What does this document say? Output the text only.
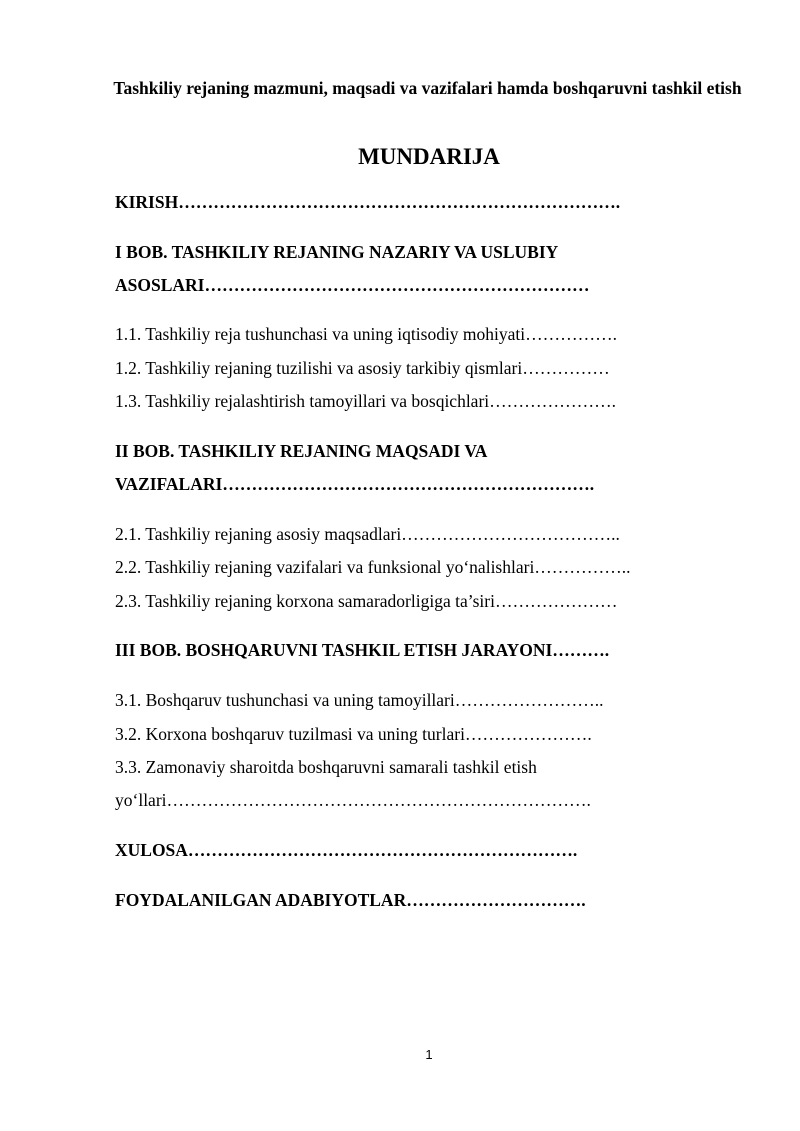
Tashkiliy rejaning mazmuni, maqsadi va vazifalari hamda boshqaruvni tashkil etish
MUNDARIJA
KIRISH………………………………………………………………….
I BOB. TASHKILIY REJANING NAZARIY VA USLUBIY
ASOSLARI…………………………………………………………
1.1. Tashkiliy reja tushunchasi va uning iqtisodiy mohiyati…………….
1.2. Tashkiliy rejaning tuzilishi va asosiy tarkibiy qismlari……………
1.3. Tashkiliy rejalashtirish tamoyillari va bosqichlari………………….
II BOB. TASHKILIY REJANING MAQSADI VA
VAZIFALARI……………………………………………………….
2.1. Tashkiliy rejaning asosiy maqsadlari………………………………..
2.2. Tashkiliy rejaning vazifalari va funksional yo‘nalishlari……………..
2.3. Tashkiliy rejaning korxona samaradorligiga ta’siri…………………
III BOB. BOSHQARUVNI TASHKIL ETISH JARAYONI……….
3.1. Boshqaruv tushunchasi va uning tamoyillari……………………..
3.2. Korxona boshqaruv tuzilmasi va uning turlari………………….
3.3. Zamonaviy sharoitda boshqaruvni samarali tashkil etish
yo‘llari……………………………………………………………….
XULOSA………………………………………………………….
FOYDALANILGAN ADABIYOTLAR………………………….
1
